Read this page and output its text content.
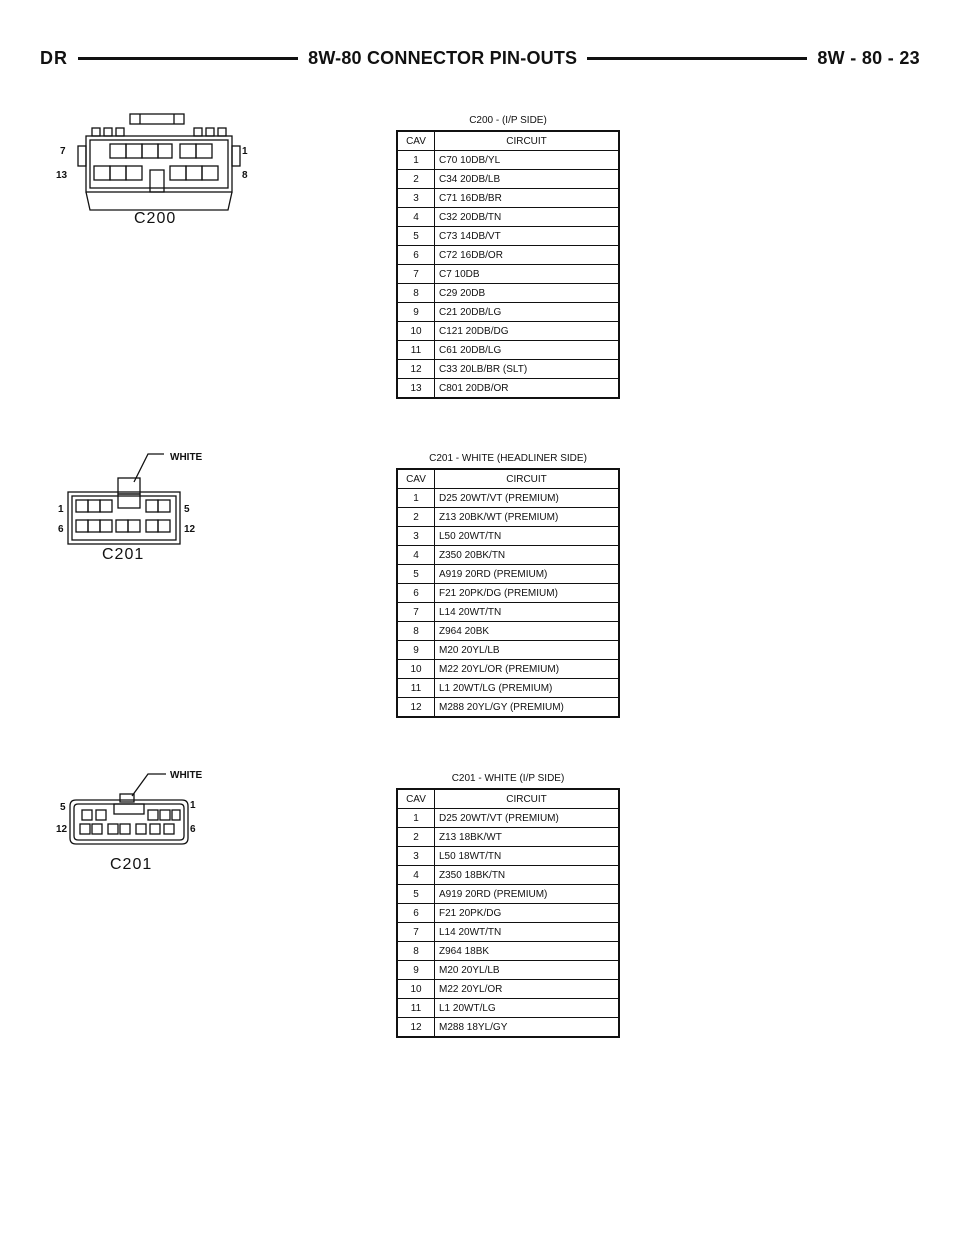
DR	8W-80 CONNECTOR PIN-OUTS	8W - 80 - 23
7	1
13	8
C200
C200 - (I/P SIDE)
CAV	CIRCUIT
1	C70 10DB/YL
2	C34 20DB/LB
3	C71 16DB/BR
4	C32 20DB/TN
5	C73 14DB/VT
6	C72 16DB/OR
7	C7 10DB
8	C29 20DB
9	C21 20DB/LG
10	C121 20DB/DG
11	C61 20DB/LG
12	C33 20LB/BR (SLT)
13	C801 20DB/OR
WHITE
1	5
6	12
C201
C201 - WHITE (HEADLINER SIDE)
CAV	CIRCUIT
1	D25 20WT/VT (PREMIUM)
2	Z13 20BK/WT (PREMIUM)
3	L50 20WT/TN
4	Z350 20BK/TN
5	A919 20RD (PREMIUM)
6	F21 20PK/DG (PREMIUM)
7	L14 20WT/TN
8	Z964 20BK
9	M20 20YL/LB
10	M22 20YL/OR (PREMIUM)
11	L1 20WT/LG (PREMIUM)
12	M288 20YL/GY (PREMIUM)
WHITE
5	1
12	6
C201
C201 - WHITE (I/P SIDE)
CAV	CIRCUIT
1	D25 20WT/VT (PREMIUM)
2	Z13 18BK/WT
3	L50 18WT/TN
4	Z350 18BK/TN
5	A919 20RD (PREMIUM)
6	F21 20PK/DG
7	L14 20WT/TN
8	Z964 18BK
9	M20 20YL/LB
10	M22 20YL/OR
11	L1 20WT/LG
12	M288 18YL/GY
